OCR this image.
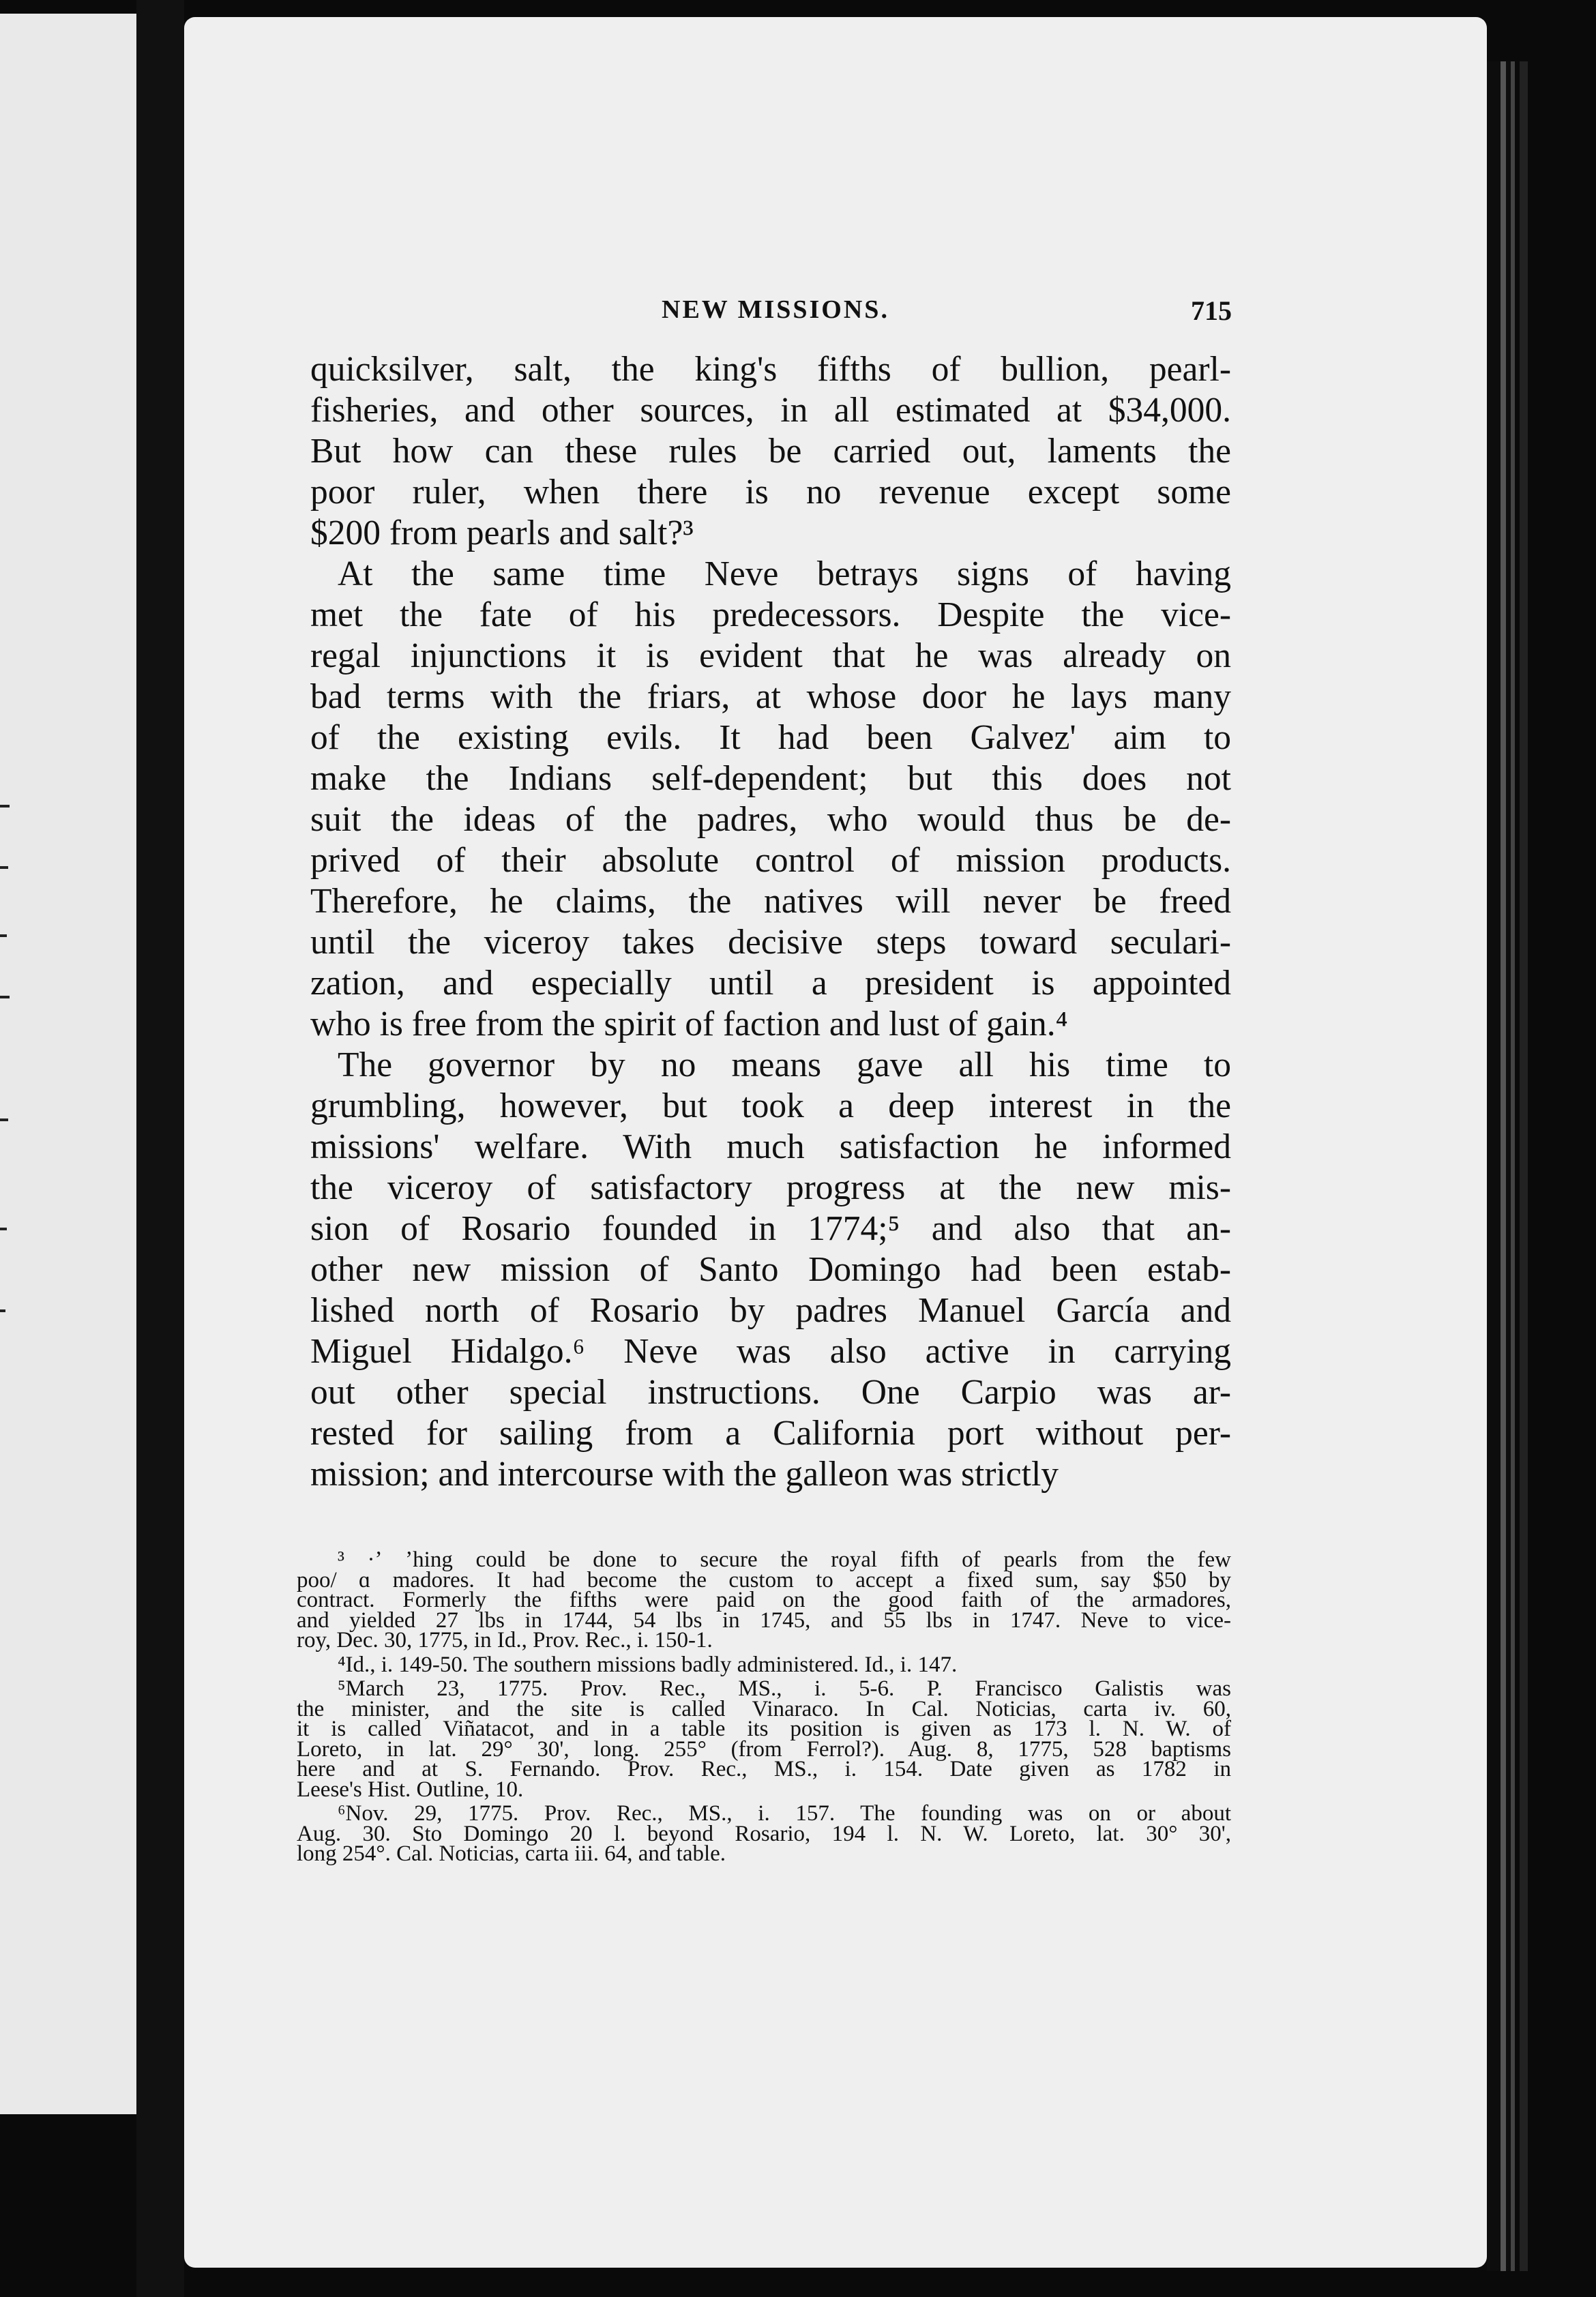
NEW MISSIONS.	715
quicksilver, salt, the king's fifths of bullion, pearl-
fisheries, and other sources, in all estimated at $34,000.
But how can these rules be carried out, laments the
poor ruler, when there is no revenue except some
$200 from pearls and salt?³
At the same time Neve betrays signs of having
met the fate of his predecessors. Despite the vice-
regal injunctions it is evident that he was already on
bad terms with the friars, at whose door he lays many
of the existing evils. It had been Galvez' aim to
make the Indians self-dependent; but this does not
suit the ideas of the padres, who would thus be de-
prived of their absolute control of mission products.
Therefore, he claims, the natives will never be freed
until the viceroy takes decisive steps toward seculari-
zation, and especially until a president is appointed
who is free from the spirit of faction and lust of gain.⁴
The governor by no means gave all his time to
grumbling, however, but took a deep interest in the
missions' welfare. With much satisfaction he informed
the viceroy of satisfactory progress at the new mis-
sion of Rosario founded in 1774;⁵ and also that an-
other new mission of Santo Domingo had been estab-
lished north of Rosario by padres Manuel García and
Miguel Hidalgo.⁶ Neve was also active in carrying
out other special instructions. One Carpio was ar-
rested for sailing from a California port without per-
mission; and intercourse with the galleon was strictly
³ ·ʼ ʼhing could be done to secure the royal fifth of pearls from the few
poo/ ɑ madores. It had become the custom to accept a fixed sum, say $50 by
contract. Formerly the fifths were paid on the good faith of the armadores,
and yielded 27 lbs in 1744, 54 lbs in 1745, and 55 lbs in 1747. Neve to vice-
roy, Dec. 30, 1775, in Id., Prov. Rec., i. 150-1.
⁴Id., i. 149-50. The southern missions badly administered. Id., i. 147.
⁵March 23, 1775. Prov. Rec., MS., i. 5-6. P. Francisco Galistis was
the minister, and the site is called Vinaraco. In Cal. Noticias, carta iv. 60,
it is called Viñatacot, and in a table its position is given as 173 l. N. W. of
Loreto, in lat. 29° 30', long. 255° (from Ferrol?). Aug. 8, 1775, 528 baptisms
here and at S. Fernando. Prov. Rec., MS., i. 154. Date given as 1782 in
Leese's Hist. Outline, 10.
⁶Nov. 29, 1775. Prov. Rec., MS., i. 157. The founding was on or about
Aug. 30. Sto Domingo 20 l. beyond Rosario, 194 l. N. W. Loreto, lat. 30° 30',
long 254°. Cal. Noticias, carta iii. 64, and table.
